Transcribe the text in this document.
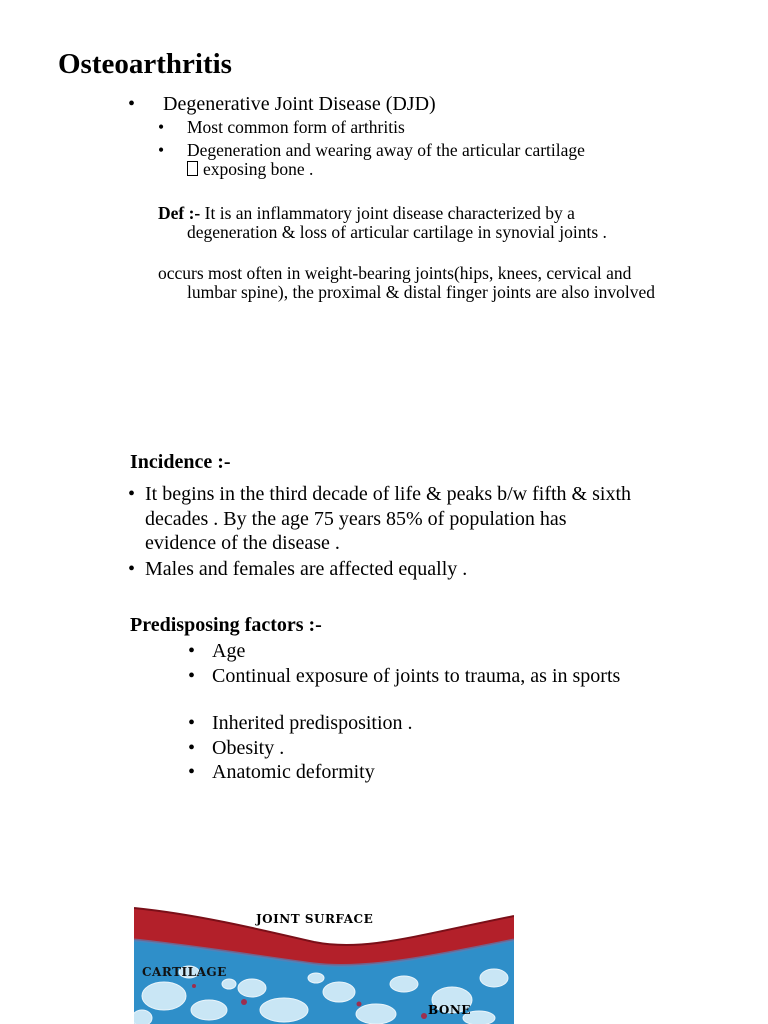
Osteoarthritis
• Degenerative Joint Disease (DJD)
• Most common form of arthritis
• Degeneration and wearing away of the articular cartilage
exposing bone .
Def :- It is an inflammatory joint disease characterized by a degeneration & loss of articular cartilage in synovial joints .
occurs most often in weight-bearing joints(hips, knees, cervical and lumbar spine), the proximal & distal finger joints are also involved
Incidence :-
• It begins in the third decade of life & peaks b/w fifth & sixth decades . By the age 75 years 85% of population has evidence of the disease .
• Males and females are affected equally .
Predisposing factors :-
• Age
• Continual exposure of joints to trauma, as in sports
• Inherited predisposition .
• Obesity .
• Anatomic deformity
JOINT SURFACE
CARTILAGE
BONE
